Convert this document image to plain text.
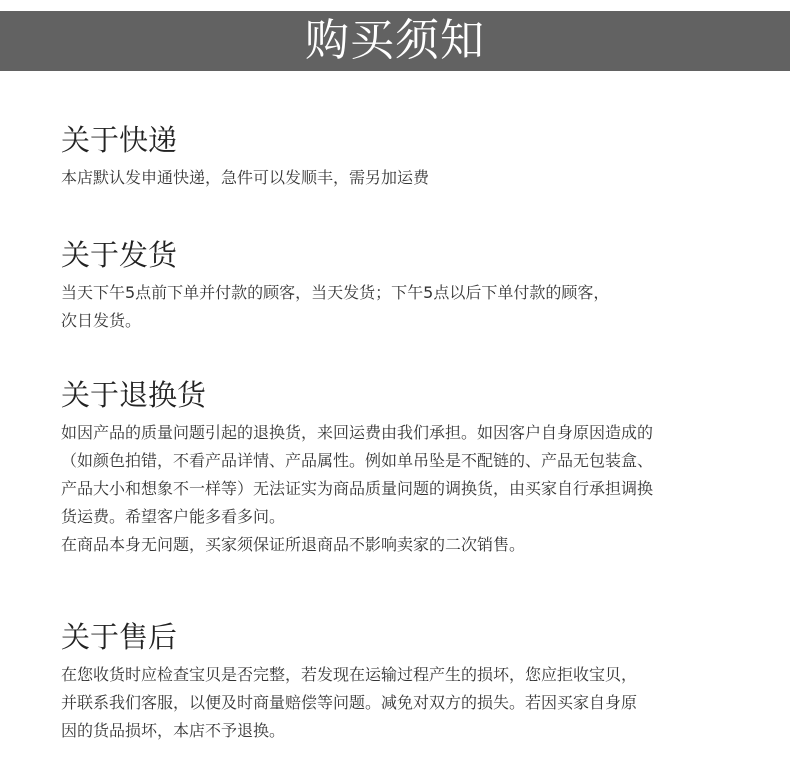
购买须知
关于快递

本店默认发申通快递，急件可以发顺丰，需另加运费

关于发货

当天下午5点前下单并付款的顾客，当天发货；下午5点以后下单付款的顾客，

次日发货。

关于退换货

如因产品的质量问题引起的退换货，来回运费由我们承担。如因客户自身原因造成的

（如颜色拍错，不看产品详情、产品属性。例如单吊坠是不配链的、产品无包装盒、

产品大小和想象不一样等）无法证实为商品质量问题的调换货，由买家自行承担调换

货运费。希望客户能多看多问。

在商品本身无问题，买家须保证所退商品不影响卖家的二次销售。

关于售后

在您收货时应检查宝贝是否完整，若发现在运输过程产生的损坏，您应拒收宝贝，

并联系我们客服，以便及时商量赔偿等问题。减免对双方的损失。若因买家自身原

因的货品损坏，本店不予退换。
